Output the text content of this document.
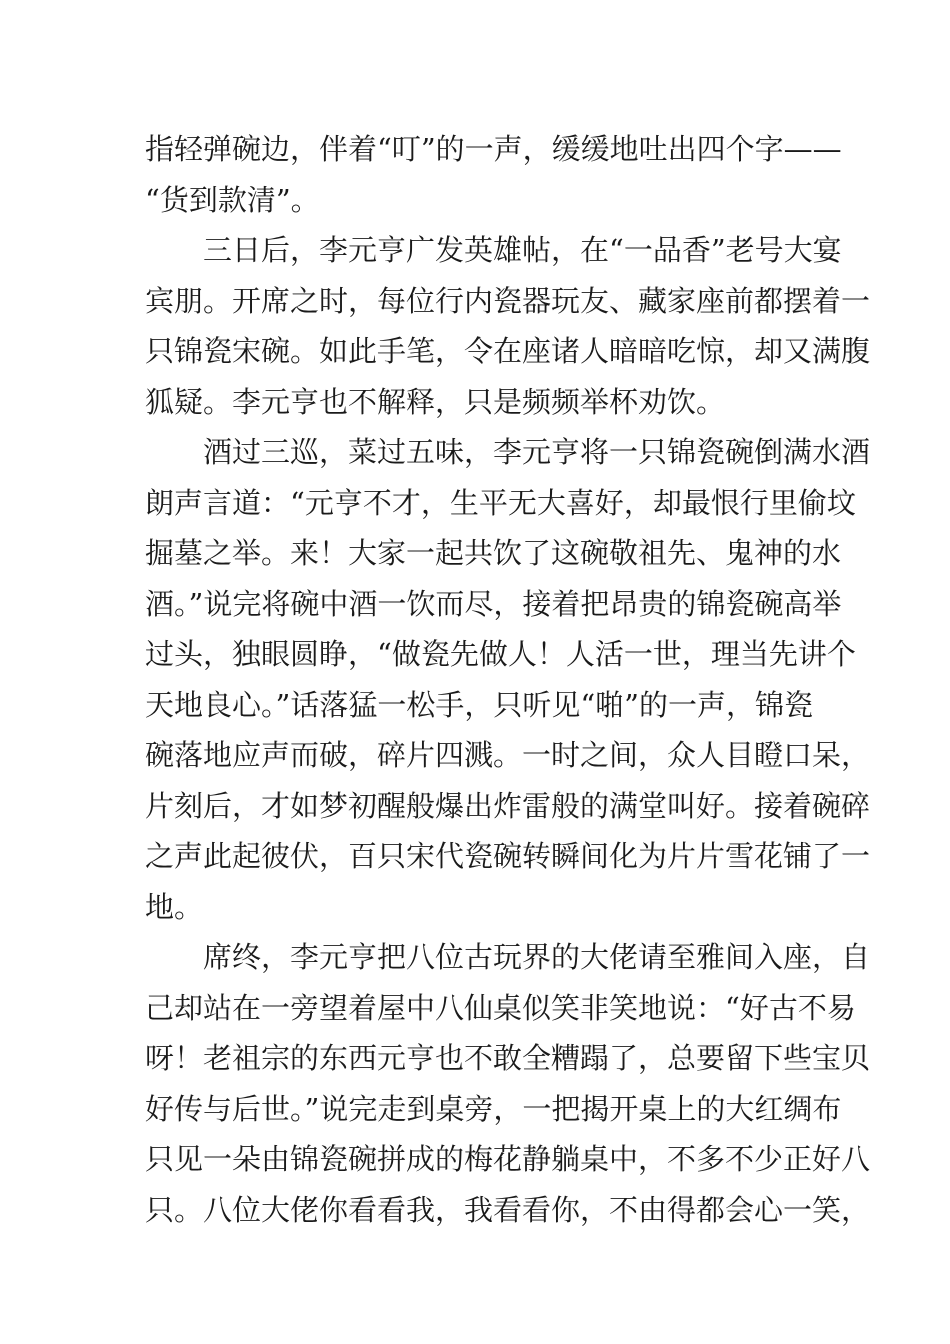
指轻弹碗边，伴着“叮”的一声，缓缓地吐出四个字——
“货到款清”。
三日后，李元亨广发英雄帖，在“一品香”老号大宴
宾朋。开席之时，每位行内瓷器玩友、藏家座前都摆着一
只锦瓷宋碗。如此手笔，令在座诸人暗暗吃惊，却又满腹
狐疑。李元亨也不解释，只是频频举杯劝饮。
酒过三巡，菜过五味，李元亨将一只锦瓷碗倒满水酒
朗声言道：“元亨不才，生平无大喜好，却最恨行里偷坟
掘墓之举。来！大家一起共饮了这碗敬祖先、鬼神的水
酒。”说完将碗中酒一饮而尽，接着把昂贵的锦瓷碗高举
过头，独眼圆睁，“做瓷先做人！人活一世，理当先讲个
天地良心。”话落猛一松手，只听见“啪”的一声，锦瓷
碗落地应声而破，碎片四溅。一时之间，众人目瞪口呆，
片刻后，才如梦初醒般爆出炸雷般的满堂叫好。接着碗碎
之声此起彼伏，百只宋代瓷碗转瞬间化为片片雪花铺了一
地。
席终，李元亨把八位古玩界的大佬请至雅间入座，自
己却站在一旁望着屋中八仙桌似笑非笑地说：“好古不易
呀！老祖宗的东西元亨也不敢全糟蹋了，总要留下些宝贝
好传与后世。”说完走到桌旁，一把揭开桌上的大红绸布
只见一朵由锦瓷碗拼成的梅花静躺桌中，不多不少正好八
只。八位大佬你看看我，我看看你，不由得都会心一笑，
